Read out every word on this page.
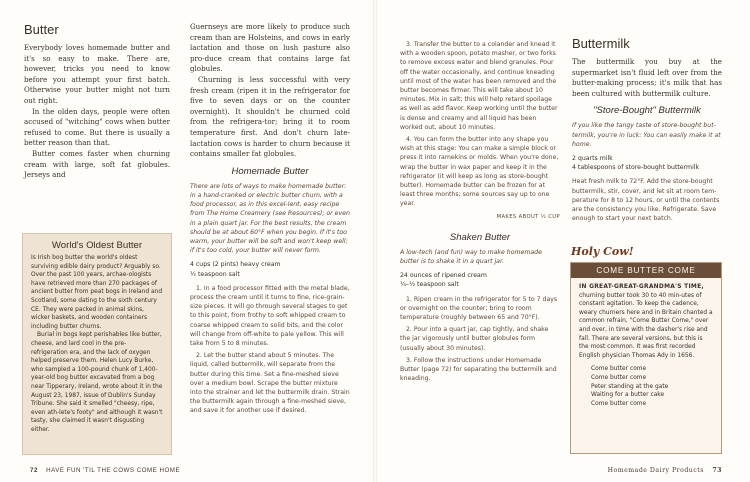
Butter

Everybody loves homemade butter and it's so easy to make. There are, however, tricks you need to know before you attempt your first batch. Otherwise your butter might not turn out right.

In the olden days, people were often accused of "witching" cows when butter refused to come. But there is usually a better reason than that.

Butter comes faster when churning cream with large, soft fat globules. Jerseys and

World's Oldest Butter

Is Irish bog butter the world's oldest surviving edible dairy product? Arguably so. Over the past 100 years, archae-ologists have retrieved more than 270 packages of ancient butter from peat bogs in Ireland and Scotland, some dating to the sixth century CE. They were packed in animal skins, wicker baskets, and wooden containers including butter churns.

Burial in bogs kept perishables like butter, cheese, and lard cool in the pre-refrigeration era, and the lack of oxygen helped preserve them. Helen Lucy Burke, who sampled a 100-pound chunk of 1,400-year-old bog butter excavated from a bog near Tipperary, Ireland, wrote about it in the August 23, 1987, issue of Dublin's Sunday Tribune. She said it smelled "cheesy, ripe, even ath-lete's footy" and although it wasn't tasty, she claimed it wasn't disgusting either.

Guernseys are more likely to produce such cream than are Holsteins, and cows in early lactation and those on lush pasture also pro-duce cream that contains large fat globules.

Churning is less successful with very fresh cream (ripen it in the refrigerator for five to seven days or on the counter overnight). It shouldn't be churned cold from the refrigera-tor; bring it to room temperature first. And don't churn late-lactation cows is harder to churn because it contains smaller fat globules.

Homemade Butter

There are lots of ways to make homemade butter: in a hand-cranked or electric butter churn, with a food processor, as in this excel-lent, easy recipe from The Home Creamery (see Resources); or even in a plain quart jar. For the best results, the cream should be at about 60°F when you begin. If it's too warm, your butter will be soft and won't keep well; if it's too cold, your butter will never form.

4 cups (2 pints) heavy cream
½ teaspoon salt

1. In a food processor fitted with the metal blade, process the cream until it turns to fine, rice-grain-size pieces. It will go through several stages to get to this point, from frothy to soft whipped cream to coarse whipped cream to solid bits, and the color will change from off-white to pale yellow. This will take from 5 to 8 minutes.

2. Let the butter stand about 5 minutes. The liquid, called buttermilk, will separate from the butter during this time. Set a fine-meshed sieve over a medium bowl. Scrape the butter mixture into the strainer and let the buttermilk drain. Strain the buttermilk again through a fine-meshed sieve, and save it for another use if desired.

72 HAVE FUN 'TIL THE COWS COME HOME

3. Transfer the butter to a colander and knead it with a wooden spoon, potato masher, or two forks to remove excess water and blend granules. Pour off the water occasionally, and continue kneading until most of the water has been removed and the butter becomes firmer. This will take about 10 minutes. Mix in salt; this will help retard spoilage as well as add flavor. Keep working until the butter is dense and creamy and all liquid has been worked out, about 10 minutes.

4. You can form the butter into any shape you wish at this stage: You can make a simple block or press it into ramekins or molds. When you're done, wrap the butter in wax paper and keep it in the refrigerator (it will keep as long as store-bought butter). Homemade butter can be frozen for at least three months; some sources say up to one year.

MAKES ABOUT ½ CUP
Shaken Butter

A low-tech (and fun) way to make homemade butter is to shake it in a quart jar.

24 ounces of ripened cream
¼–½ teaspoon salt

1. Ripen cream in the refrigerator for 5 to 7 days or overnight on the counter; bring to room temperature (roughly between 65 and 70°F).

2. Pour into a quart jar, cap tightly, and shake the jar vigorously until butter globules form (usually about 30 minutes).

3. Follow the instructions under Homemade Butter (page 72) for separating the buttermilk and kneading.

Buttermilk

The buttermilk you buy at the supermarket isn't fluid left over from the butter-making process; it's milk that has been cultured with buttermilk culture.

"Store-Bought" Buttermilk

If you like the tangy taste of store-bought but-termilk, you're in luck: You can easily make it at home.

2 quarts milk
4 tablespoons of store-bought buttermilk

Heat fresh milk to 72°F. Add the store-bought buttermilk, stir, cover, and let sit at room tem-perature for 8 to 12 hours, or until the contents are the consistency you like. Refrigerate. Save enough to start your next batch.

Holy Cow!
COME BUTTER COME

IN GREAT-GREAT-GRANDMA'S TIME, churning butter took 30 to 40 min-utes of constant agitation. To keep the cadence, weary churners here and in Britain chanted a common refrain, "Come Butter Come," over and over, in time with the dasher's rise and fall. There are several versions, but this is the most common. It was first recorded English physician Thomas Ady in 1656.

Come butter come
Come butter come
Peter standing at the gate
Waiting for a butter cake
Come butter come
Homemade Dairy Products 73
